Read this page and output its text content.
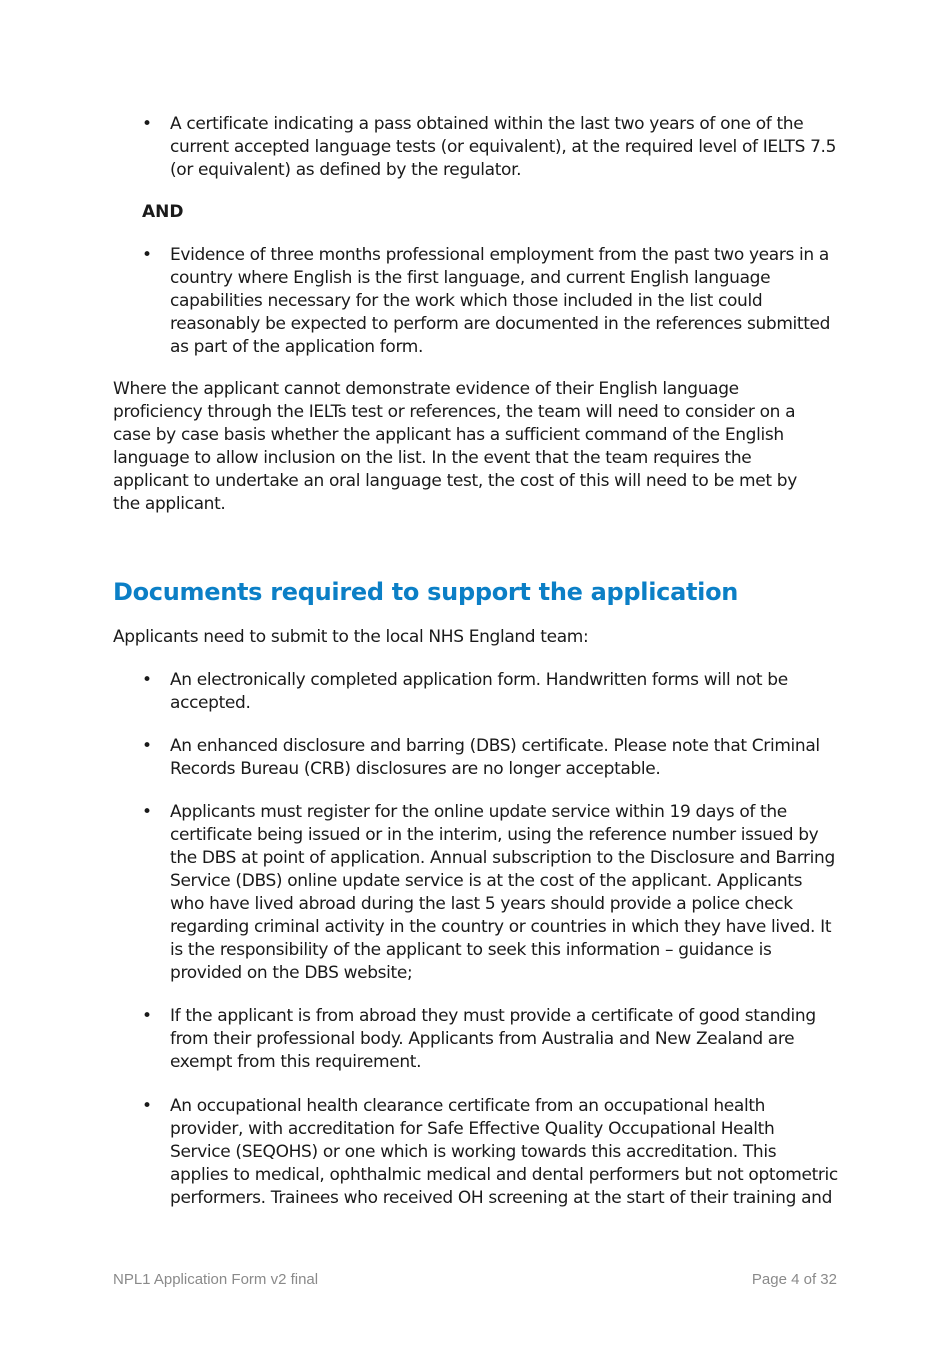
• A certificate indicating a pass obtained within the last two years of one of the current accepted language tests (or equivalent), at the required level of IELTS 7.5 (or equivalent) as defined by the regulator.

AND

• Evidence of three months professional employment from the past two years in a country where English is the first language, and current English language capabilities necessary for the work which those included in the list could reasonably be expected to perform are documented in the references submitted as part of the application form.

Where the applicant cannot demonstrate evidence of their English language proficiency through the IELTs test or references, the team will need to consider on a case by case basis whether the applicant has a sufficient command of the English language to allow inclusion on the list. In the event that the team requires the applicant to undertake an oral language test, the cost of this will need to be met by the applicant.

Documents required to support the application

Applicants need to submit to the local NHS England team:

• An electronically completed application form. Handwritten forms will not be accepted.

• An enhanced disclosure and barring (DBS) certificate. Please note that Criminal Records Bureau (CRB) disclosures are no longer acceptable.

• Applicants must register for the online update service within 19 days of the certificate being issued or in the interim, using the reference number issued by the DBS at point of application. Annual subscription to the Disclosure and Barring Service (DBS) online update service is at the cost of the applicant. Applicants who have lived abroad during the last 5 years should provide a police check regarding criminal activity in the country or countries in which they have lived. It is the responsibility of the applicant to seek this information – guidance is provided on the DBS website;

• If the applicant is from abroad they must provide a certificate of good standing from their professional body. Applicants from Australia and New Zealand are exempt from this requirement.

• An occupational health clearance certificate from an occupational health provider, with accreditation for Safe Effective Quality Occupational Health Service (SEQOHS) or one which is working towards this accreditation. This applies to medical, ophthalmic medical and dental performers but not optometric performers. Trainees who received OH screening at the start of their training and

NPL1 Application Form v2 final	Page 4 of 32
